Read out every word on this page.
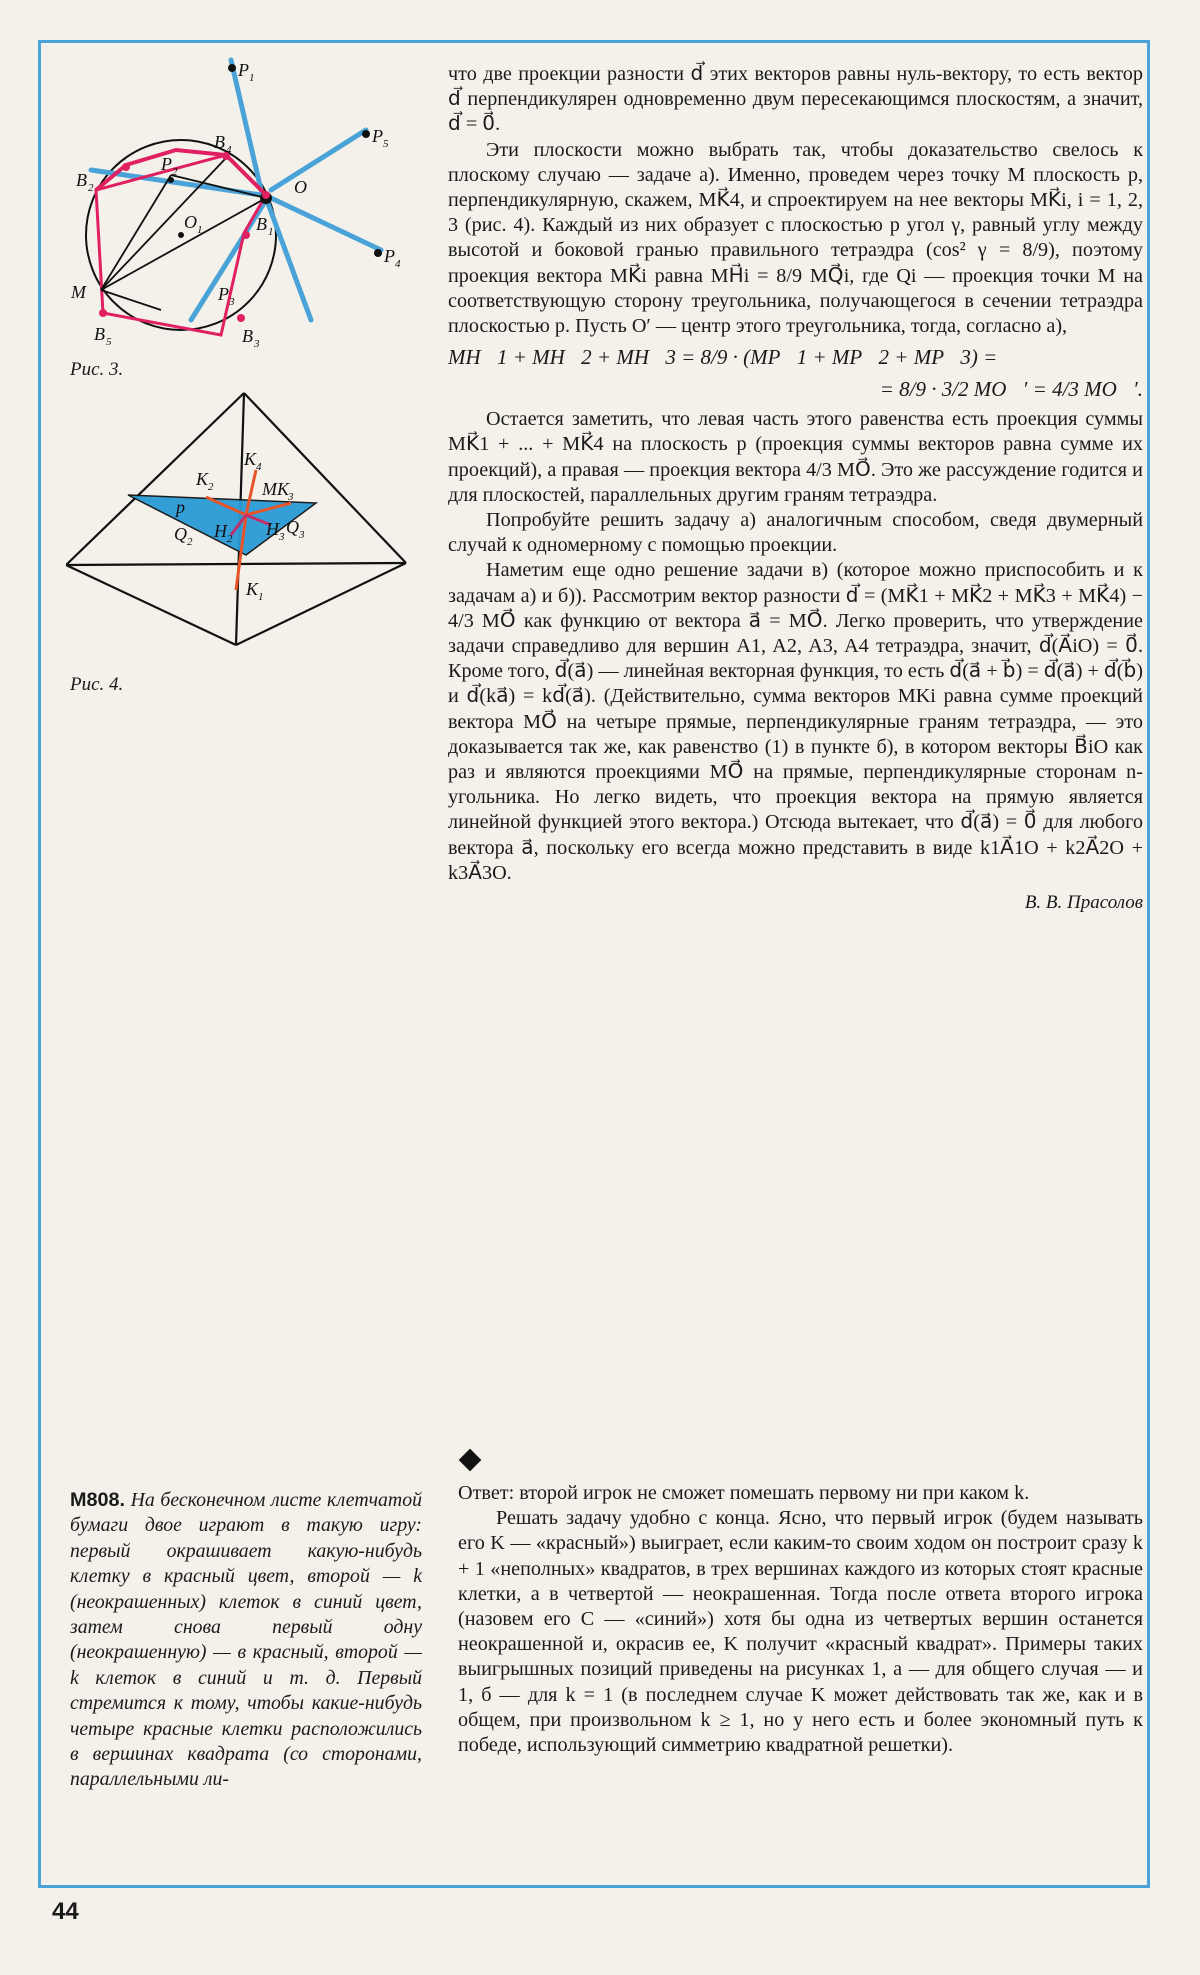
P 1
P 5
P 4
P 3
P 2
B 4
B 2
B 1
B 3
B 5
O
O 1
M

Рис. 3.

K 4
K 2	MK 3
p
Q 2
H 2 H 3 Q 3
K 1

Рис. 4.

что две проекции разности d⃗ этих векторов равны нуль-вектору, то есть вектор d⃗ перпендикулярен одновременно двум пересекающимся плоскостям, а значит, d⃗ = 0⃗.

Эти плоскости можно выбрать так, чтобы доказательство свелось к плоскому случаю — задаче а). Именно, проведем через точку M плоскость p, перпендикулярную, скажем, MK⃗4, и спроектируем на нее векторы MK⃗i, i = 1, 2, 3 (рис. 4). Каждый из них образует с плоскостью p угол γ, равный углу между высотой и боковой гранью правильного тетраэдра (cos² γ = 8/9), поэтому проекция вектора MK⃗i равна MH⃗i = 8/9 MQ⃗i, где Qi — проекция точки M на соответствующую сторону треугольника, получающегося в сечении тетраэдра плоскостью p. Пусть O′ — центр этого треугольника, тогда, согласно а),

MH⃗1 + MH⃗2 + MH⃗3 = 8/9 · (MP⃗1 + MP⃗2 + MP⃗3) =

= 8/9 · 3/2 MO⃗′ = 4/3 MO⃗′.

Остается заметить, что левая часть этого равенства есть проекция суммы MK⃗1 + ... + MK⃗4 на плоскость p (проекция суммы векторов равна сумме их проекций), а правая — проекция вектора 4/3 MO⃗. Это же рассуждение годится и для плоскостей, параллельных другим граням тетраэдра.

Попробуйте решить задачу а) аналогичным способом, сведя двумерный случай к одномерному с помощью проекции.

Наметим еще одно решение задачи в) (которое можно приспособить и к задачам а) и б)). Рассмотрим вектор разности d⃗ = (MK⃗1 + MK⃗2 + MK⃗3 + MK⃗4) − 4/3 MO⃗ как функцию от вектора a⃗ = MO⃗. Легко проверить, что утверждение задачи справедливо для вершин A1, A2, A3, A4 тетраэдра, значит, d⃗(A⃗iO) = 0⃗. Кроме того, d⃗(a⃗) — линейная векторная функция, то есть d⃗(a⃗ + b⃗) = d⃗(a⃗) + d⃗(b⃗) и d⃗(ka⃗) = kd⃗(a⃗). (Действительно, сумма векторов MKi равна сумме проекций вектора MO⃗ на четыре прямые, перпендикулярные граням тетраэдра, — это доказывается так же, как равенство (1) в пункте б), в котором векторы B⃗iO как раз и являются проекциями MO⃗ на прямые, перпендикулярные сторонам n-угольника. Но легко видеть, что проекция вектора на прямую является линейной функцией этого вектора.) Отсюда вытекает, что d⃗(a⃗) = 0⃗ для любого вектора a⃗, поскольку его всегда можно представить в виде k1A⃗1O + k2A⃗2O + k3A⃗3O.

В. В. Прасолов

М808. На бесконечном листе клетчатой бумаги двое играют в такую игру: первый окрашивает какую-нибудь клетку в красный цвет, второй — k (неокрашенных) клеток в синий цвет, затем снова первый одну (неокрашенную) — в красный, второй — k клеток в синий и т. д. Первый стремится к тому, чтобы какие-нибудь четыре красные клетки расположились в вершинах квадрата (со сторонами, параллельными ли-

Ответ: второй игрок не сможет помешать первому ни при каком k.

Решать задачу удобно с конца. Ясно, что первый игрок (будем называть его K — «красный») выиграет, если каким-то своим ходом он построит сразу k + 1 «неполных» квадратов, в трех вершинах каждого из которых стоят красные клетки, а в четвертой — неокрашенная. Тогда после ответа второго игрока (назовем его C — «синий») хотя бы одна из четвертых вершин останется неокрашенной и, окрасив ее, K получит «красный квадрат». Примеры таких выигрышных позиций приведены на рисунках 1, а — для общего случая — и 1, б — для k = 1 (в последнем случае K может действовать так же, как и в общем, при произвольном k ≥ 1, но у него есть и более экономный путь к победе, использующий симметрию квадратной решетки).

44
